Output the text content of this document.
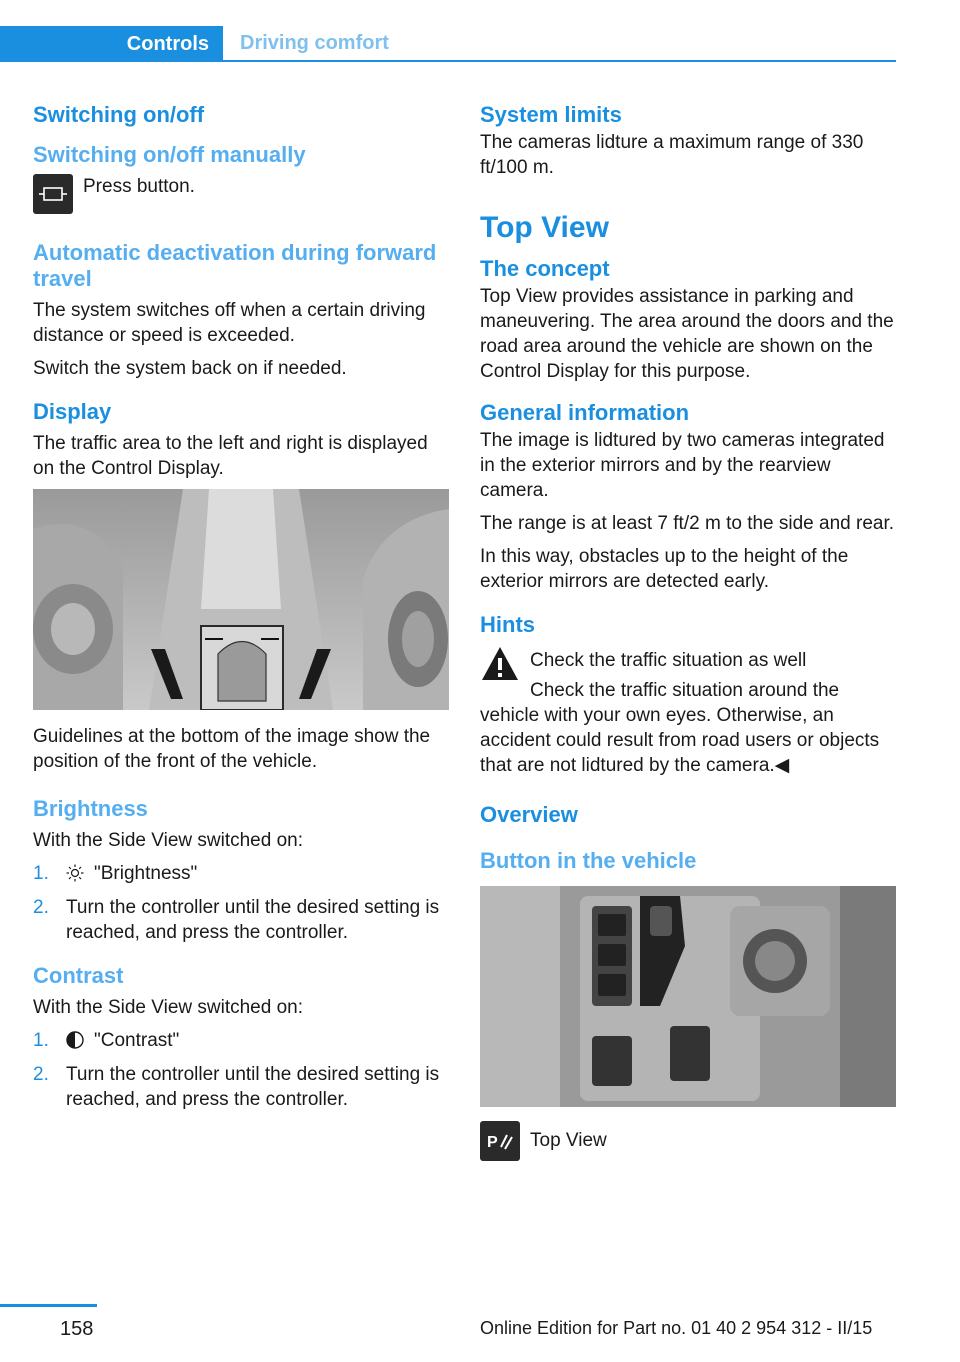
Controls	Driving comfort
Switching on/off
Switching on/off manually

Press button.

Automatic deactivation during forward travel

The system switches off when a certain driving distance or speed is exceeded.

Switch the system back on if needed.

Display

The traffic area to the left and right is displayed on the Control Display.

Guidelines at the bottom of the image show the position of the front of the vehicle.

Brightness

With the Side View switched on:

1.	"Brightness"
2. Turn the controller until the desired setting is reached, and press the controller.
Contrast

With the Side View switched on:

1.	"Contrast"
2. Turn the controller until the desired setting is reached, and press the controller.
System limits

The cameras lidture a maximum range of 330 ft/100 m.

Top View
The concept

Top View provides assistance in parking and maneuvering. The area around the doors and the road area around the vehicle are shown on the Control Display for this purpose.

General information

The image is lidtured by two cameras integrated in the exterior mirrors and by the rearview camera.

The range is at least 7 ft/2 m to the side and rear.

In this way, obstacles up to the height of the exterior mirrors are detected early.

Hints

Check the traffic situation as well

Check the traffic situation around the vehicle with your own eyes. Otherwise, an accident could result from road users or objects that are not lidtured by the camera.◀

Overview
Button in the vehicle
P Top View

158	Online Edition for Part no. 01 40 2 954 312 - II/15
